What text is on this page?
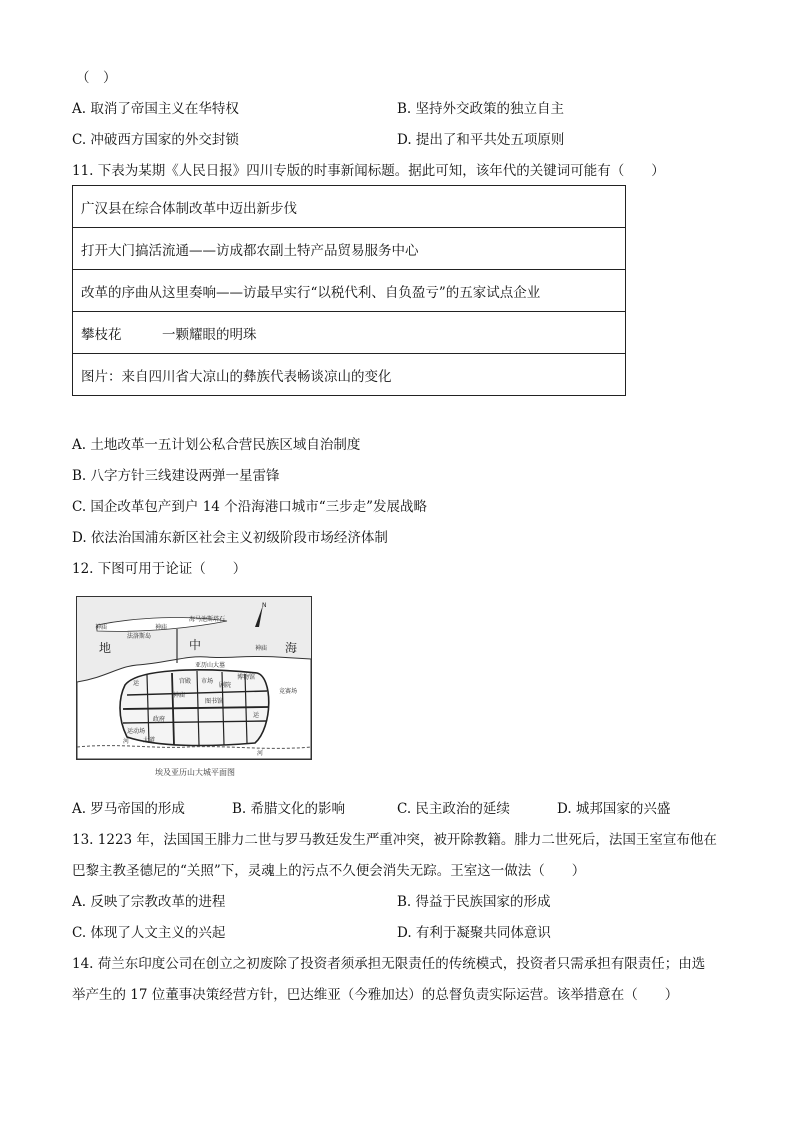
（　）
A. 取消了帝国主义在华特权	B. 坚持外交政策的独立自主
C. 冲破西方国家的外交封锁	D. 提出了和平共处五项原则
11. 下表为某期《人民日报》四川专版的时事新闻标题。据此可知，该年代的关键词可能有（　　）
广汉县在综合体制改革中迈出新步伐
打开大门搞活流通——访成都农副土特产品贸易服务中心
改革的序曲从这里奏响——访最早实行“以税代利、自负盈亏”的五家试点企业
攀枝花　　　一颗耀眼的明珠
图片：来自四川省大凉山的彝族代表畅谈凉山的变化
A. 土地改革一五计划公私合营民族区域自治制度
B. 八字方针三线建设两弹一星雷锋
C. 国企改革包产到户 14 个沿海港口城市“三步走”发展战略
D. 依法治国浦东新区社会主义初级阶段市场经济体制
12. 下图可用于论证（　　）
N
地	中	海
海马池斯塔石
神庙	神庙
法洛斯岛
神庙
亚历山大墓
市场
宫殿
剧院
博物馆
神庙
运
运
运动场
图书馆
竞赛场
河
河
大道
政府
埃及亚历山大城平面图
A. 罗马帝国的形成	B. 希腊文化的影响	C. 民主政治的延续	D. 城邦国家的兴盛
13. 1223 年，法国国王腓力二世与罗马教廷发生严重冲突，被开除教籍。腓力二世死后，法国王室宣布他在
巴黎主教圣德尼的“关照”下，灵魂上的污点不久便会消失无踪。王室这一做法（　　）
A. 反映了宗教改革的进程	B. 得益于民族国家的形成
C. 体现了人文主义的兴起	D. 有利于凝聚共同体意识
14. 荷兰东印度公司在创立之初废除了投资者须承担无限责任的传统模式，投资者只需承担有限责任；由选
举产生的 17 位董事决策经营方针，巴达维亚（今雅加达）的总督负责实际运营。该举措意在（　　）
